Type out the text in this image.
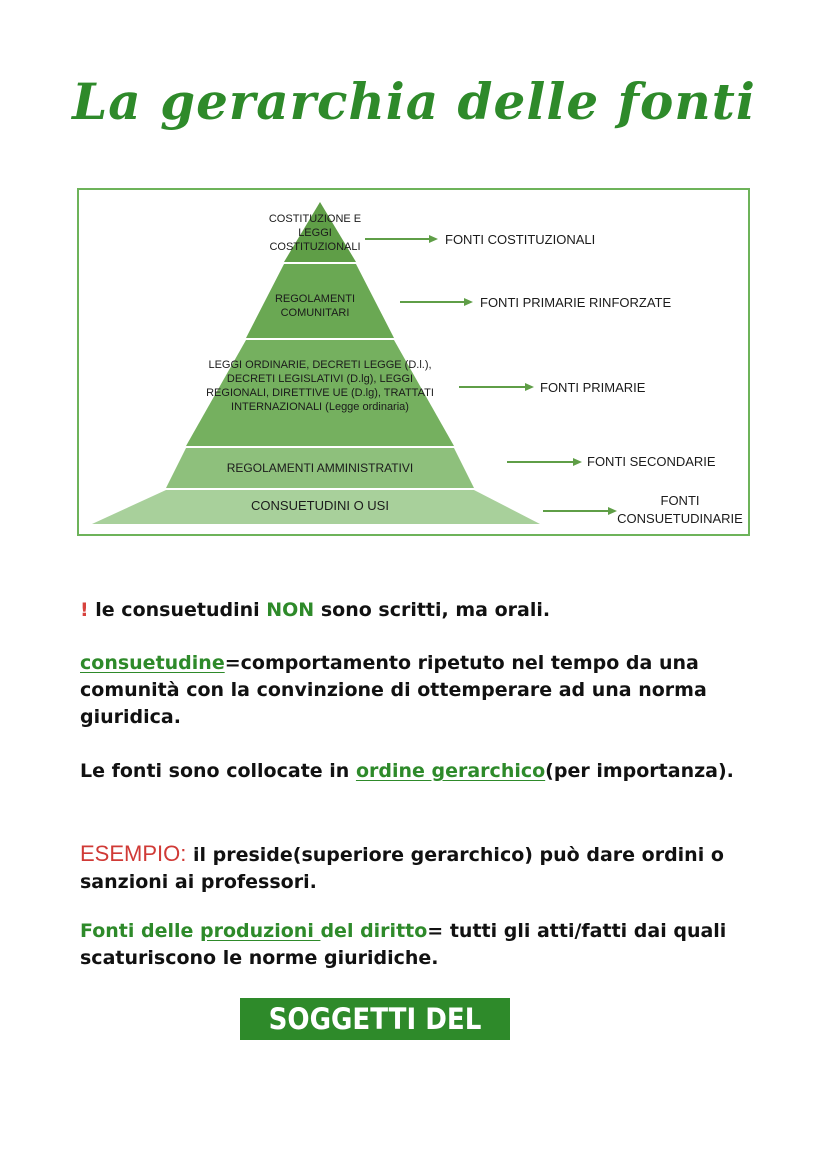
La gerarchia delle fonti
COSTITUZIONE E LEGGI COSTITUZIONALI
REGOLAMENTI COMUNITARI
LEGGI ORDINARIE, DECRETI LEGGE (D.l.), DECRETI LEGISLATIVI (D.lg), LEGGI REGIONALI, DIRETTIVE UE (D.lg), TRATTATI INTERNAZIONALI (Legge ordinaria)
REGOLAMENTI AMMINISTRATIVI
CONSUETUDINI O USI
FONTI COSTITUZIONALI
FONTI PRIMARIE RINFORZATE
FONTI PRIMARIE
FONTI SECONDARIE
FONTI CONSUETUDINARIE
! le consuetudini NON sono scritti, ma orali.
consuetudine=comportamento ripetuto nel tempo da una comunità con la convinzione di ottemperare ad una norma giuridica.
Le fonti sono collocate in ordine gerarchico(per importanza).
ESEMPIO: il preside(superiore gerarchico) può dare ordini o sanzioni ai professori.
Fonti delle produzioni del diritto= tutti gli atti/fatti dai quali scaturiscono le norme giuridiche.
SOGGETTI DEL DIRITTO
